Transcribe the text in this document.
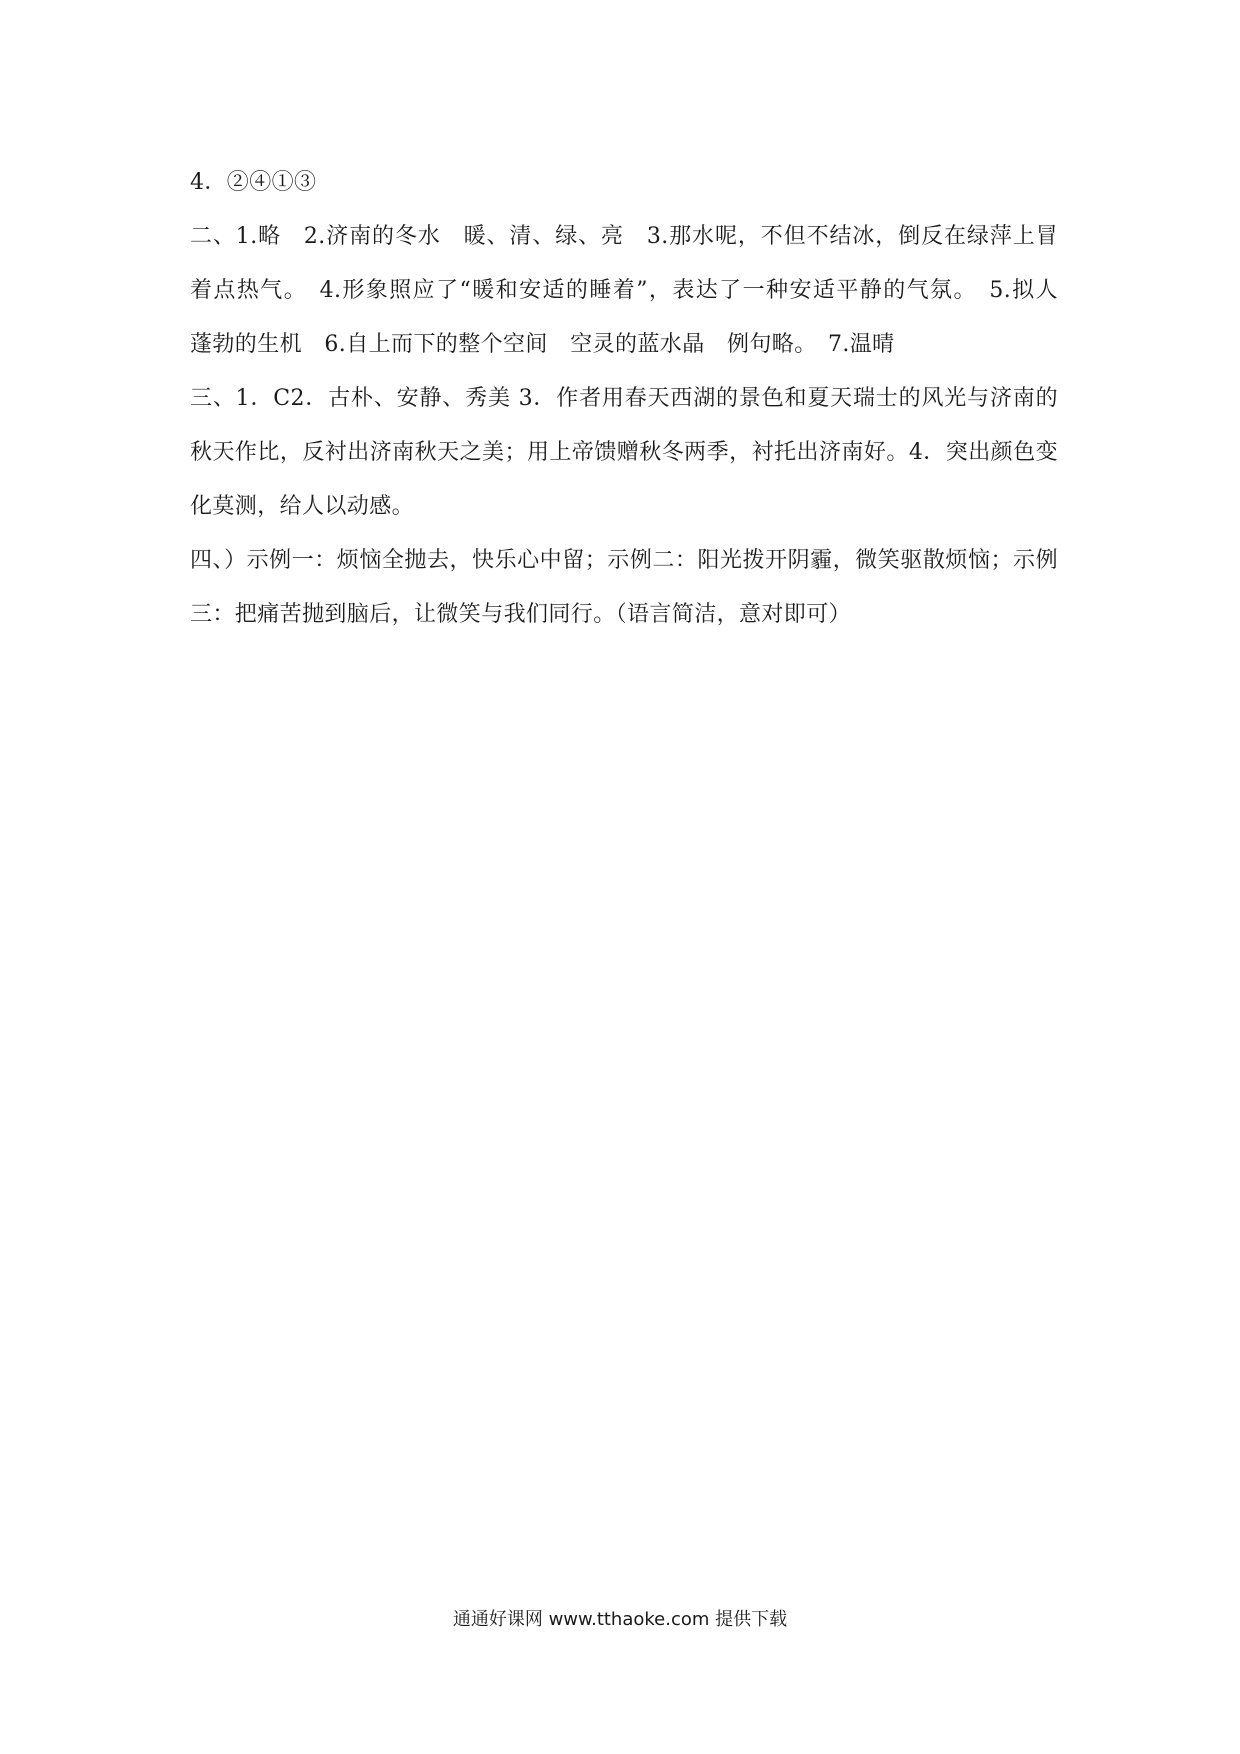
4．②④①③

二、1.略　2.济南的冬水　暖、清、绿、亮　3.那水呢，不但不结冰，倒反在绿萍上冒着点热气。　4.形象照应了“暖和安适的睡着”，表达了一种安适平静的气氛。　5.拟人　蓬勃的生机　6.自上而下的整个空间　空灵的蓝水晶　例句略。　7.温晴

三、1．C2．古朴、安静、秀美 3．作者用春天西湖的景色和夏天瑞士的风光与济南的秋天作比，反衬出济南秋天之美；用上帝馈赠秋冬两季，衬托出济南好。4．突出颜色变化莫测，给人以动感。

四、）示例一：烦恼全抛去，快乐心中留；示例二：阳光拨开阴霾，微笑驱散烦恼；示例三：把痛苦抛到脑后，让微笑与我们同行。（语言简洁，意对即可）

通通好课网 www.tthaoke.com 提供下载
